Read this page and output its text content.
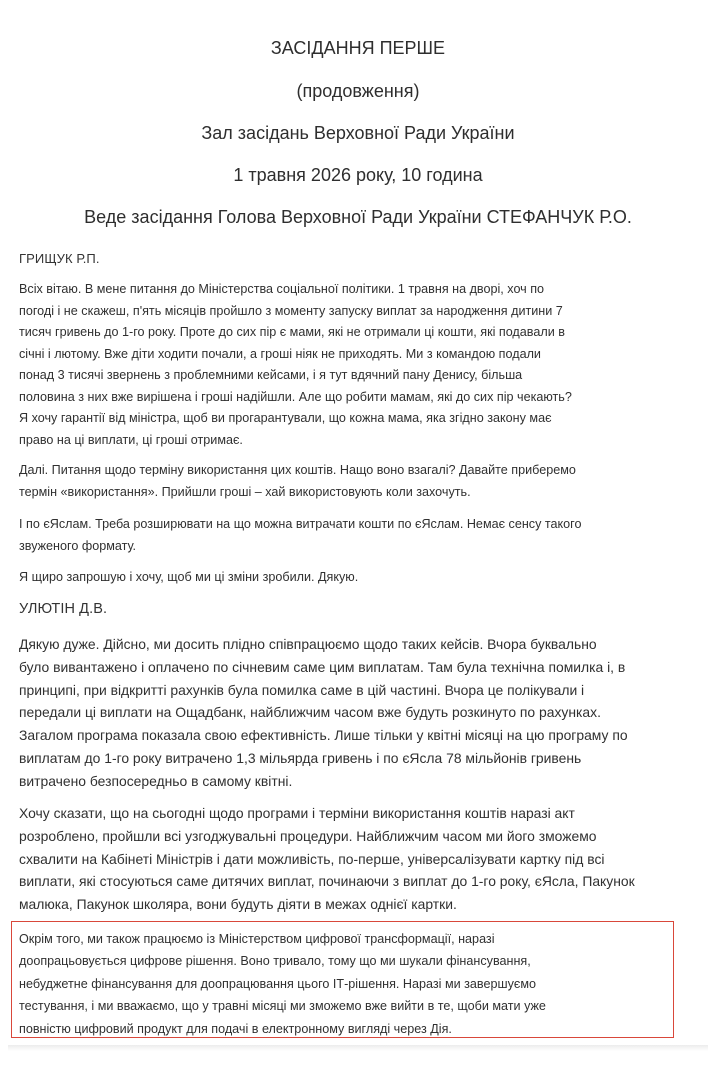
ЗАСІДАННЯ ПЕРШЕ
(продовження)
Зал засідань Верховної Ради України
1 травня 2026 року, 10 година
Веде засідання Голова Верховної Ради України СТЕФАНЧУК Р.О.
ГРИЩУК Р.П.
Всіх вітаю. В мене питання до Міністерства соціальної політики. 1 травня на дворі, хоч по
погоді і не скажеш, п'ять місяців пройшло з моменту запуску виплат за народження дитини 7
тисяч гривень до 1-го року. Проте до сих пір є мами, які не отримали ці кошти, які подавали в
січні і лютому. Вже діти ходити почали, а гроші ніяк не приходять. Ми з командою подали
понад 3 тисячі звернень з проблемними кейсами, і я тут вдячний пану Денису, більша
половина з них вже вирішена і гроші надійшли. Але що робити мамам, які до сих пір чекають?
Я хочу гарантії від міністра, щоб ви прогарантували, що кожна мама, яка згідно закону має
право на ці виплати, ці гроші отримає.
Далі. Питання щодо терміну використання цих коштів. Нащо воно взагалі? Давайте приберемо
термін «використання». Прийшли гроші – хай використовують коли захочуть.
І по єЯслам. Треба розширювати на що можна витрачати кошти по єЯслам. Немає сенсу такого
звуженого формату.
Я щиро запрошую і хочу, щоб ми ці зміни зробили. Дякую.
УЛЮТІН Д.В.
Дякую дуже. Дійсно, ми досить плідно співпрацюємо щодо таких кейсів. Вчора буквально
було вивантажено і оплачено по січневим саме цим виплатам. Там була технічна помилка і, в
принципі, при відкритті рахунків була помилка саме в цій частині. Вчора це полікували і
передали ці виплати на Ощадбанк, найближчим часом вже будуть розкинуто по рахунках.
Загалом програма показала свою ефективність. Лише тільки у квітні місяці на цю програму по
виплатам до 1-го року витрачено 1,3 мільярда гривень і по єЯсла 78 мільйонів гривень
витрачено безпосередньо в самому квітні.
Хочу сказати, що на сьогодні щодо програми і терміни використання коштів наразі акт
розроблено, пройшли всі узгоджувальні процедури. Найближчим часом ми його зможемо
схвалити на Кабінеті Міністрів і дати можливість, по-перше, універсалізувати картку під всі
виплати, які стосуються саме дитячих виплат, починаючи з виплат до 1-го року, єЯсла, Пакунок
малюка, Пакунок школяра, вони будуть діяти в межах однієї картки.
Окрім того, ми також працюємо із Міністерством цифрової трансформації, наразі
доопрацьовується цифрове рішення. Воно тривало, тому що ми шукали фінансування,
небуджетне фінансування для доопрацювання цього ІТ-рішення. Наразі ми завершуємо
тестування, і ми вважаємо, що у травні місяці ми зможемо вже вийти в те, щоби мати уже
повністю цифровий продукт для подачі в електронному вигляді через Дія.
